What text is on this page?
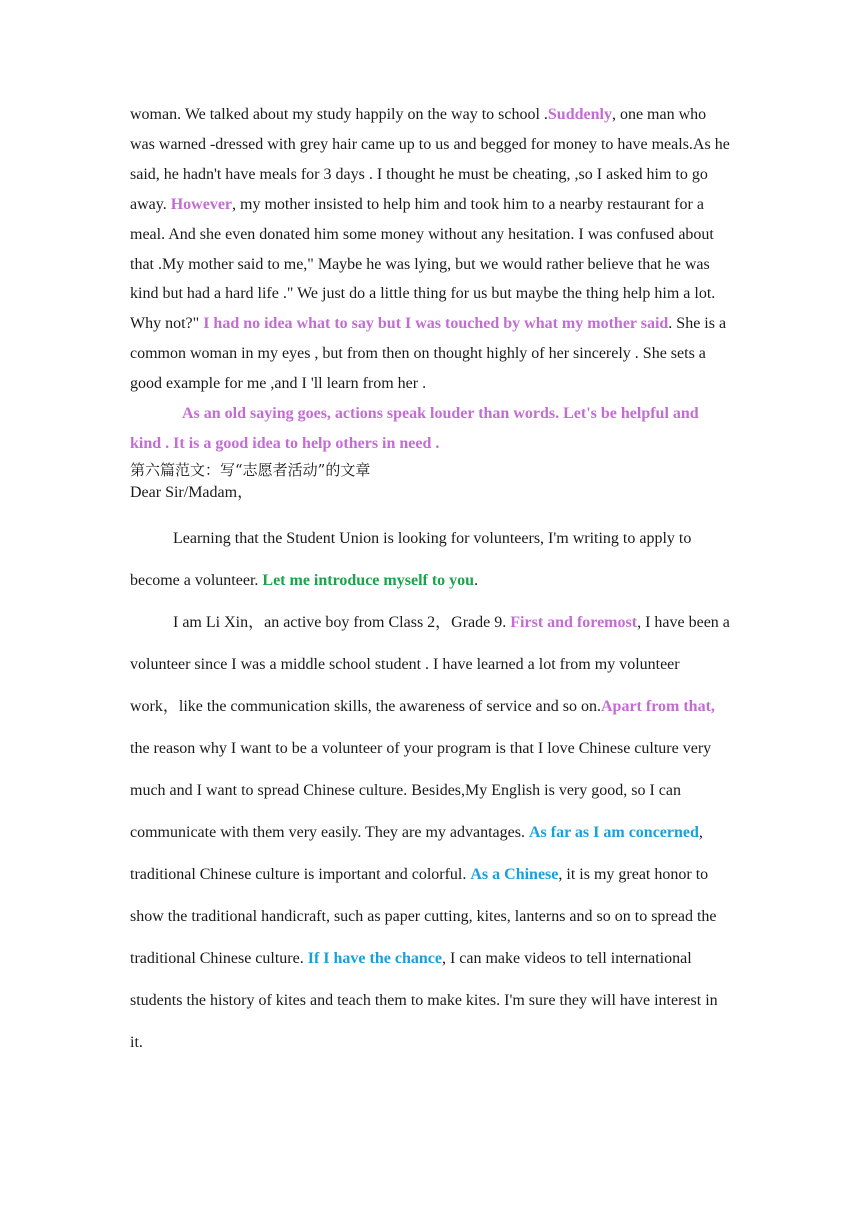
woman. We talked about my study happily on the way to school .Suddenly, one man who was warned -dressed with grey hair came up to us and begged for money to have meals.As he said, he hadn't have meals for 3 days . I thought he must be cheating, ,so I asked him to go away. However, my mother insisted to help him and took him to a nearby restaurant for a meal. And she even donated him some money without any hesitation. I was confused about that .My mother said to me," Maybe he was lying, but we would rather believe that he was kind but had a hard life ." We just do a little thing for us but maybe the thing help him a lot. Why not?" I had no idea what to say but I was touched by what my mother said. She is a common woman in my eyes , but from then on thought highly of her sincerely . She sets a good example for me ,and I 'll learn from her .

As an old saying goes, actions speak louder than words. Let's be helpful and kind . It is a good idea to help others in need .

第六篇范文：写“志愿者活动”的文章

Dear Sir/Madam，

Learning that the Student Union is looking for volunteers, I'm writing to apply to become a volunteer. Let me introduce myself to you.

I am Li Xin，an active boy from Class 2，Grade 9. First and foremost, I have been a volunteer since I was a middle school student . I have learned a lot from my volunteer work，like the communication skills, the awareness of service and so on.Apart from that, the reason why I want to be a volunteer of your program is that I love Chinese culture very much and I want to spread Chinese culture. Besides,My English is very good, so I can communicate with them very easily. They are my advantages. As far as I am concerned, traditional Chinese culture is important and colorful. As a Chinese, it is my great honor to show the traditional handicraft, such as paper cutting, kites, lanterns and so on to spread the traditional Chinese culture. If I have the chance, I can make videos to tell international students the history of kites and teach them to make kites. I'm sure they will have interest in it.
